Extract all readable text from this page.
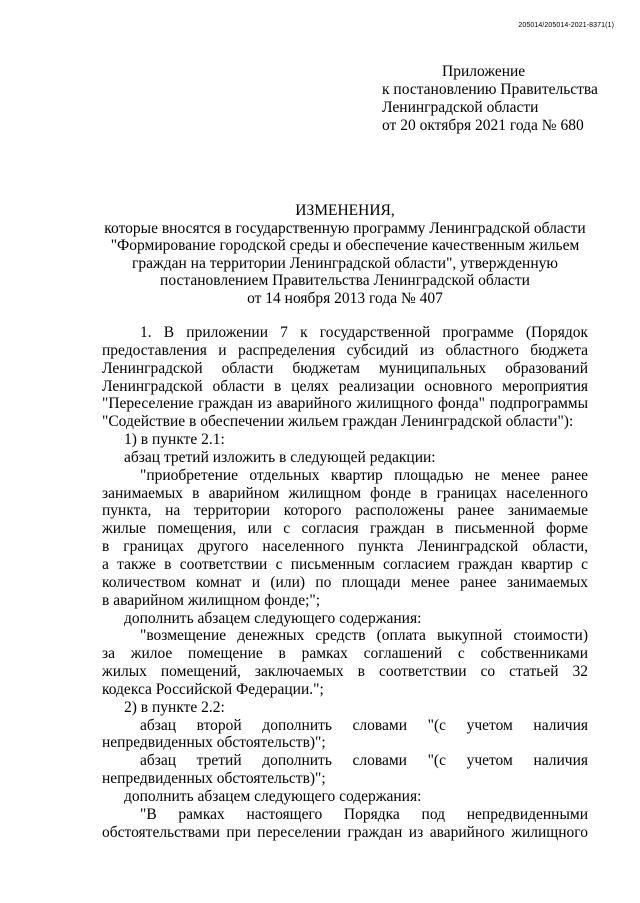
205014/205014-2021-8371(1)
Приложение
к постановлению Правительства
Ленинградской области
от 20 октября 2021 года № 680
ИЗМЕНЕНИЯ,
которые вносятся в государственную программу Ленинградской области
"Формирование городской среды и обеспечение качественным жильем
граждан на территории Ленинградской области", утвержденную
постановлением Правительства Ленинградской области
от 14 ноября 2013 года № 407
1. В приложении 7 к государственной программе (Порядок
предоставления и распределения субсидий из областного бюджета
Ленинградской области бюджетам муниципальных образований
Ленинградской области в целях реализации основного мероприятия
"Переселение граждан из аварийного жилищного фонда" подпрограммы
"Содействие в обеспечении жильем граждан Ленинградской области"):
1) в пункте 2.1:
абзац третий изложить в следующей редакции:
"приобретение отдельных квартир площадью не менее ранее
занимаемых в аварийном жилищном фонде в границах населенного
пункта, на территории которого расположены ранее занимаемые
жилые помещения, или с согласия граждан в письменной форме
в границах другого населенного пункта Ленинградской области,
а также в соответствии с письменным согласием граждан квартир с
количеством комнат и (или) по площади менее ранее занимаемых
в аварийном жилищном фонде;";
дополнить абзацем следующего содержания:
"возмещение денежных средств (оплата выкупной стоимости)
за жилое помещение в рамках соглашений с собственниками
жилых помещений, заключаемых в соответствии со статьей 32
кодекса Российской Федерации.";
2) в пункте 2.2:
абзац второй дополнить словами "(с учетом наличия
непредвиденных обстоятельств)";
абзац третий дополнить словами "(с учетом наличия
непредвиденных обстоятельств)";
дополнить абзацем следующего содержания:
"В рамках настоящего Порядка под непредвиденными
обстоятельствами при переселении граждан из аварийного жилищного
